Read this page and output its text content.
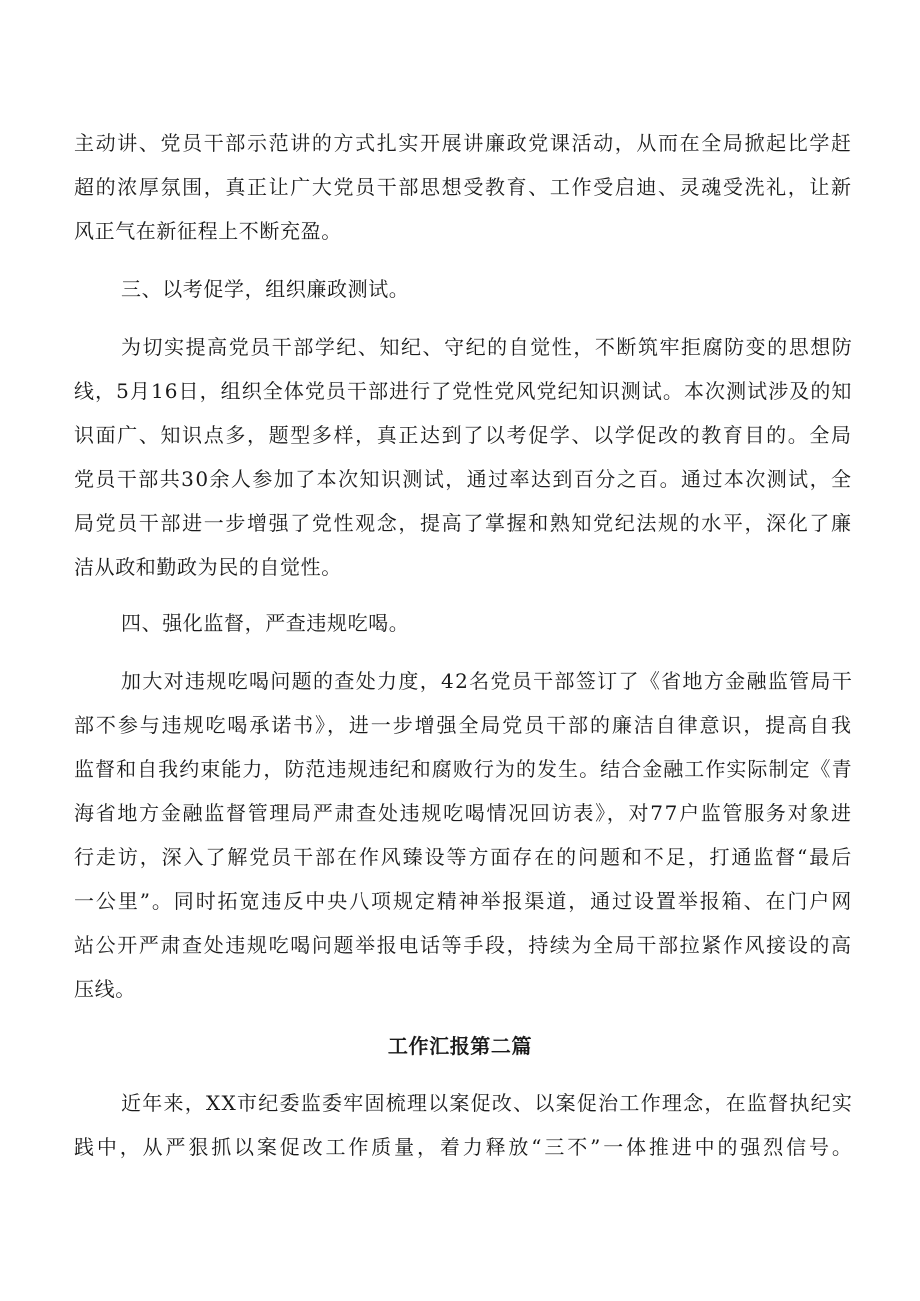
主动讲、党员干部示范讲的方式扎实开展讲廉政党课活动，从而在全局掀起比学赶
超的浓厚氛围，真正让广大党员干部思想受教育、工作受启迪、灵魂受洗礼，让新
风正气在新征程上不断充盈。
三、以考促学，组织廉政测试。
为切实提高党员干部学纪、知纪、守纪的自觉性，不断筑牢拒腐防变的思想防
线，5月16日，组织全体党员干部进行了党性党风党纪知识测试。本次测试涉及的知
识面广、知识点多，题型多样，真正达到了以考促学、以学促改的教育目的。全局
党员干部共30余人参加了本次知识测试，通过率达到百分之百。通过本次测试，全
局党员干部进一步增强了党性观念，提高了掌握和熟知党纪法规的水平，深化了廉
洁从政和勤政为民的自觉性。
四、强化监督，严查违规吃喝。
加大对违规吃喝问题的查处力度，42名党员干部签订了《省地方金融监管局干
部不参与违规吃喝承诺书》，进一步增强全局党员干部的廉洁自律意识，提高自我
监督和自我约束能力，防范违规违纪和腐败行为的发生。结合金融工作实际制定《青
海省地方金融监督管理局严肃查处违规吃喝情况回访表》，对77户监管服务对象进
行走访，深入了解党员干部在作风臻设等方面存在的问题和不足，打通监督“最后
一公里”。同时拓宽违反中央八项规定精神举报渠道，通过设置举报箱、在门户网
站公开严肃查处违规吃喝问题举报电话等手段，持续为全局干部拉紧作风接设的高
压线。
工作汇报第二篇
近年来，XX市纪委监委牢固梳理以案促改、以案促治工作理念，在监督执纪实
践中，从严狠抓以案促改工作质量，着力释放“三不”一体推进中的强烈信号。
